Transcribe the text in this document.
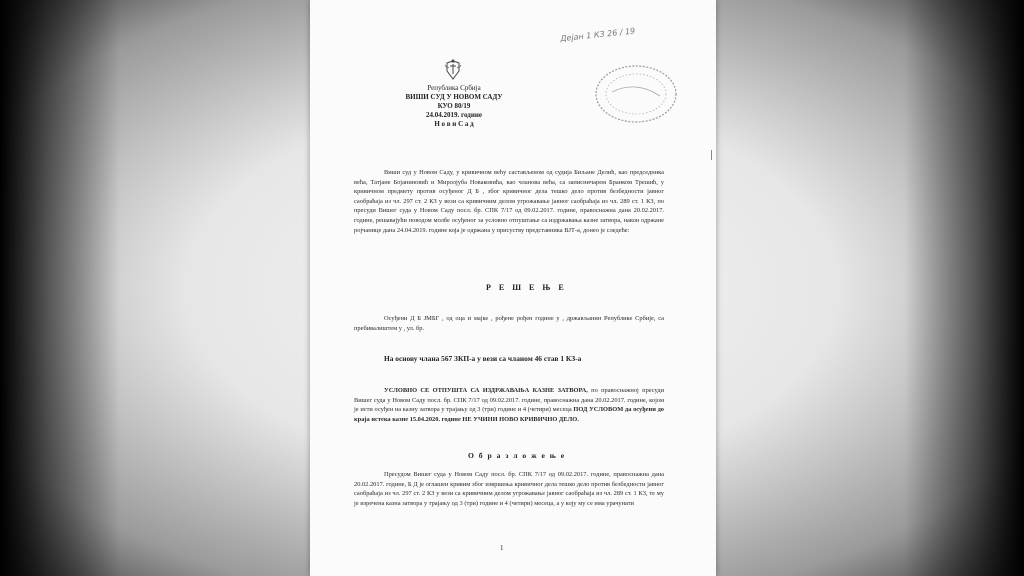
Република Србија
ВИШИ СУД У НОВОМ САДУ
КУО 80/19
24.04.2019. године
Н о в и С а д
Дејан 1 КЗ 26 / 19
Виши суд у Новом Саду, у кривичном већу састављеном од судија Биљане Делић, као председника већа, Татјане Бојаниновић и Миролјуба Новаковића, као чланова већа, са записничарем Бранком Трешић, у кривичном предмету против осуђеног Д Б , због кривичног дела тешко дело против безбедности јавног саобраћаја из чл. 297 ст. 2 КЗ у вези са кривичним делом угрожавање јавног саобраћаја из чл. 289 ст. 1 КЗ, по пресуди Вишег суда у Новом Саду посл. бр. СПК 7/17 од 09.02.2017. године, правоснажна дана 20.02.2017. године, решавајући поводом молбе осуђеног за условно отпуштање са издржавања казне затвора, након одржане ројчанице дана 24.04.2019. године која је одржана у присуству представника ВЈТ-а, донео је следеће:
Р Е Ш Е Њ Е
Осуђени Д Б ЈМБГ , од оца и мајке , рођене рођен године у , држављанин Републике Србије, са пребивалиштем у , ул. бр.
На основу члана 567 ЗКП-а у вези са чланом 46 став 1 КЗ-а
УСЛОВНО СЕ ОТПУШТА СА ИЗДРЖАВАЊА КАЗНЕ ЗАТВОРА, по правоснажној пресуди Вишег суда у Новом Саду посл. бр. СПК 7/17 од 09.02.2017. године, правоснажна дана 20.02.2017. године, којом је исти осуђен на казну затвора у трајању од 3 (три) године и 4 (четири) месеца ПОД УСЛОВОМ да осуђени до краја истека казне 15.04.2020. године НЕ УЧИНИ НОВО КРИВИЧНО ДЕЛО.
О б р а з л о ж е њ е
Пресудом Вишег суда у Новом Саду посл. бр. СПК 7/17 од 09.02.2017. године, правоснажна дана 20.02.2017. године, Б Д је оглашен кривим због извршења кривичног дела тешко дело против безбедности јавног саобраћаја из чл. 297 ст. 2 КЗ у вези са кривичним делом угрожавање јавног саобраћаја из чл. 289 ст. 1 КЗ, те му је изречена казна затвора у трајању од 3 (три) године и 4 (четири) месеца, а у коју му се има урачунати
1
